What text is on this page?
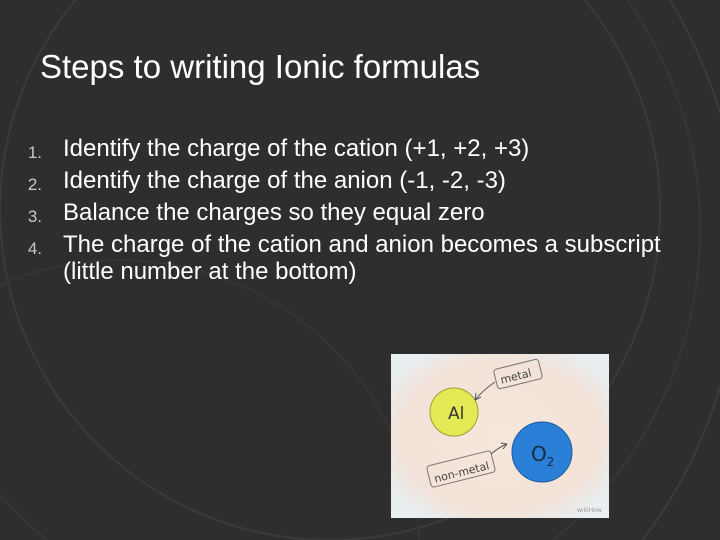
Steps to writing Ionic formulas
1. Identify the charge of the cation (+1, +2, +3)
2. Identify the charge of the anion (-1, -2, -3)
3. Balance the charges so they equal zero
4. The charge of the cation and anion becomes a subscript (little number at the bottom)
Al
$O_2$
metal
non-metal
wikiHow
